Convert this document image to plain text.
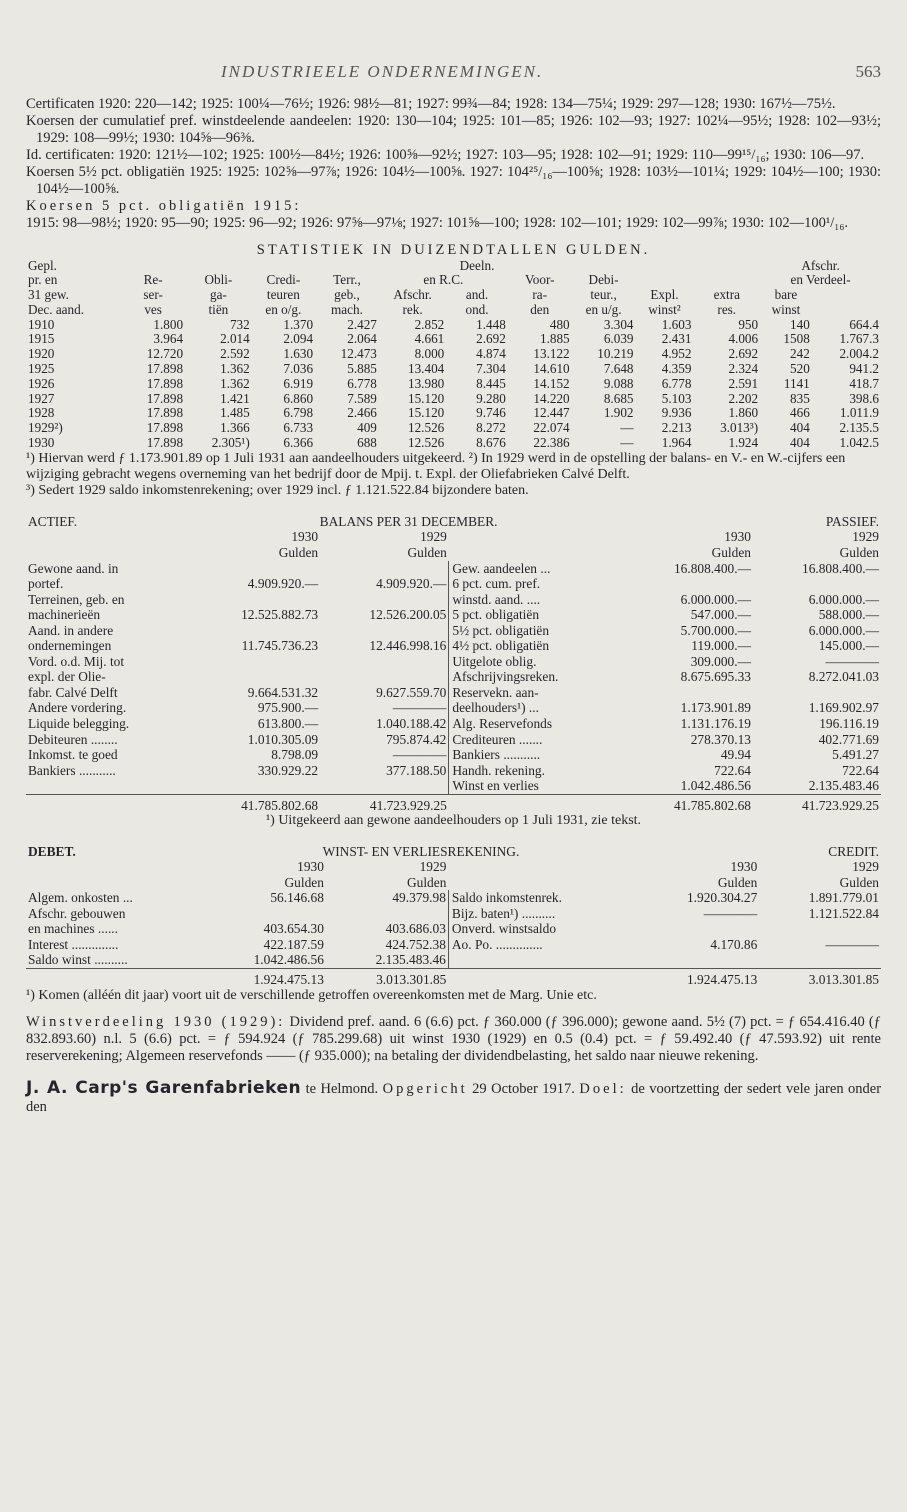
INDUSTRIEELE ONDERNEMINGEN.	563

Certificaten 1920: 220—142; 1925: 100¼—76½; 1926: 98½—81; 1927: 99¾—84; 1928: 134—75¼; 1929: 297—128; 1930: 167½—75½.

Koersen der cumulatief pref. winstdeelende aandeelen: 1920: 130—104; 1925: 101—85; 1926: 102—93; 1927: 102¼—95½; 1928: 102—93½; 1929: 108—99½; 1930: 104⅝—96⅜.

Id. certificaten: 1920: 121½—102; 1925: 100½—84½; 1926: 100⅝—92½; 1927: 103—95; 1928: 102—91; 1929: 110—99¹⁵/₁₆; 1930: 106—97.

Koersen 5½ pct. obligatiën 1925: 1925: 102⅝—97⅞; 1926: 104½—100⅝. 1927: 104²⁵/₁₆—100⅝; 1928: 103½—101¼; 1929: 104½—100; 1930: 104½—100⅝.

Koersen 5 pct. obligatiën 1915:

1915: 98—98½; 1920: 95—90; 1925: 96—92; 1926: 97⅝—97⅛; 1927: 101⅝—100; 1928: 102—101; 1929: 102—99⅞; 1930: 102—100¹/₁₆.

STATISTIEK IN DUIZENDTALLEN GULDEN.
Gepl.						Deeln.					Afschr.	
pr. en	Re-	Obli-	Credi-	Terr.,	en R.C.		Voor-	Debi-			en Verdeel-	
31 gew.	ser-	ga-	teuren	geb.,	Afschr.	and.	ra-	teur.,	Expl.	extra	bare	
Dec. aand.	ves	tiën	en o/g.	mach.	rek.	ond.	den	en u/g.	winst²	res.	winst	
1910	1.800	732	1.370	2.427	2.852	1.448	480	3.304	1.603	950	140	664.4
1915	3.964	2.014	2.094	2.064	4.661	2.692	1.885	6.039	2.431	4.006	1508	1.767.3
1920	12.720	2.592	1.630	12.473	8.000	4.874	13.122	10.219	4.952	2.692	242	2.004.2
1925	17.898	1.362	7.036	5.885	13.404	7.304	14.610	7.648	4.359	2.324	520	941.2
1926	17.898	1.362	6.919	6.778	13.980	8.445	14.152	9.088	6.778	2.591	1141	418.7
1927	17.898	1.421	6.860	7.589	15.120	9.280	14.220	8.685	5.103	2.202	835	398.6
1928	17.898	1.485	6.798	2.466	15.120	9.746	12.447	1.902	9.936	1.860	466	1.011.9
1929²)	17.898	1.366	6.733	409	12.526	8.272	22.074	—	2.213	3.013³)	404	2.135.5
1930	17.898	2.305¹)	6.366	688	12.526	8.676	22.386	—	1.964	1.924	404	1.042.5

¹) Hiervan werd ƒ 1.173.901.89 op 1 Juli 1931 aan aandeelhouders uitgekeerd. ²) In 1929 werd in de opstelling der balans- en V.- en W.-cijfers een wijziging gebracht wegens overneming van het bedrijf door de Mpij. t. Expl. der Oliefabrieken Calvé Delft.

³) Sedert 1929 saldo inkomstenrekening; over 1929 incl. ƒ 1.121.522.84 bijzondere baten.

ACTIEF.	BALANS PER 31 DECEMBER.				PASSIEF.
	1930	1929		1930	1929
	Gulden	Gulden		Gulden	Gulden
Gewone aand. in			Gew. aandeelen ...	16.808.400.—	16.808.400.—
portef.	4.909.920.—	4.909.920.—	6 pct. cum. pref.		
Terreinen, geb. en			winstd. aand. ....	6.000.000.—	6.000.000.—
machinerieën	12.525.882.73	12.526.200.05	5 pct. obligatiën	547.000.—	588.000.—
Aand. in andere			5½ pct. obligatiën	5.700.000.—	6.000.000.—
ondernemingen	11.745.736.23	12.446.998.16	4½ pct. obligatiën	119.000.—	145.000.—
Vord. o.d. Mij. tot			Uitgelote oblig.	309.000.—	————
expl. der Olie-			Afschrijvingsreken.	8.675.695.33	8.272.041.03
fabr. Calvé Delft	9.664.531.32	9.627.559.70	Reservekn. aan-		
Andere vordering.	975.900.—	————	deelhouders¹) ...	1.173.901.89	1.169.902.97
Liquide belegging.	613.800.—	1.040.188.42	Alg. Reservefonds	1.131.176.19	196.116.19
Debiteuren ........	1.010.305.09	795.874.42	Crediteuren .......	278.370.13	402.771.69
Inkomst. te goed	8.798.09	————	Bankiers ...........	49.94	5.491.27
Bankiers ...........	330.929.22	377.188.50	Handh. rekening.	722.64	722.64
			Winst en verlies	1.042.486.56	2.135.483.46
	41.785.802.68	41.723.929.25		41.785.802.68	41.723.929.25

¹) Uitgekeerd aan gewone aandeelhouders op 1 Juli 1931, zie tekst.

DEBET.	WINST- EN VERLIESREKENING.				CREDIT.
	1930	1929		1930	1929
	Gulden	Gulden		Gulden	Gulden
Algem. onkosten ...	56.146.68	49.379.98	Saldo inkomstenrek.	1.920.304.27	1.891.779.01
Afschr. gebouwen			Bijz. baten¹) ..........	————	1.121.522.84
en machines ......	403.654.30	403.686.03	Onverd. winstsaldo		
Interest ..............	422.187.59	424.752.38	Ao. Po. ..............	4.170.86	————
Saldo winst ..........	1.042.486.56	2.135.483.46			
	1.924.475.13	3.013.301.85		1.924.475.13	3.013.301.85

¹) Komen (alléén dit jaar) voort uit de verschillende getroffen overeenkomsten met de Marg. Unie etc.

Winstverdeeling 1930 (1929): Dividend pref. aand. 6 (6.6) pct. ƒ 360.000 (ƒ 396.000); gewone aand. 5½ (7) pct. = ƒ 654.416.40 (ƒ 832.893.60) n.l. 5 (6.6) pct. = ƒ 594.924 (ƒ 785.299.68) uit winst 1930 (1929) en 0.5 (0.4) pct. = ƒ 59.492.40 (ƒ 47.593.92) uit rente reserverekening; Algemeen reservefonds —— (ƒ 935.000); na betaling der dividendbelasting, het saldo naar nieuwe rekening.

J. A. Carp's Garenfabrieken te Helmond. Opgericht 29 October 1917. Doel: de voortzetting der sedert vele jaren onder den
